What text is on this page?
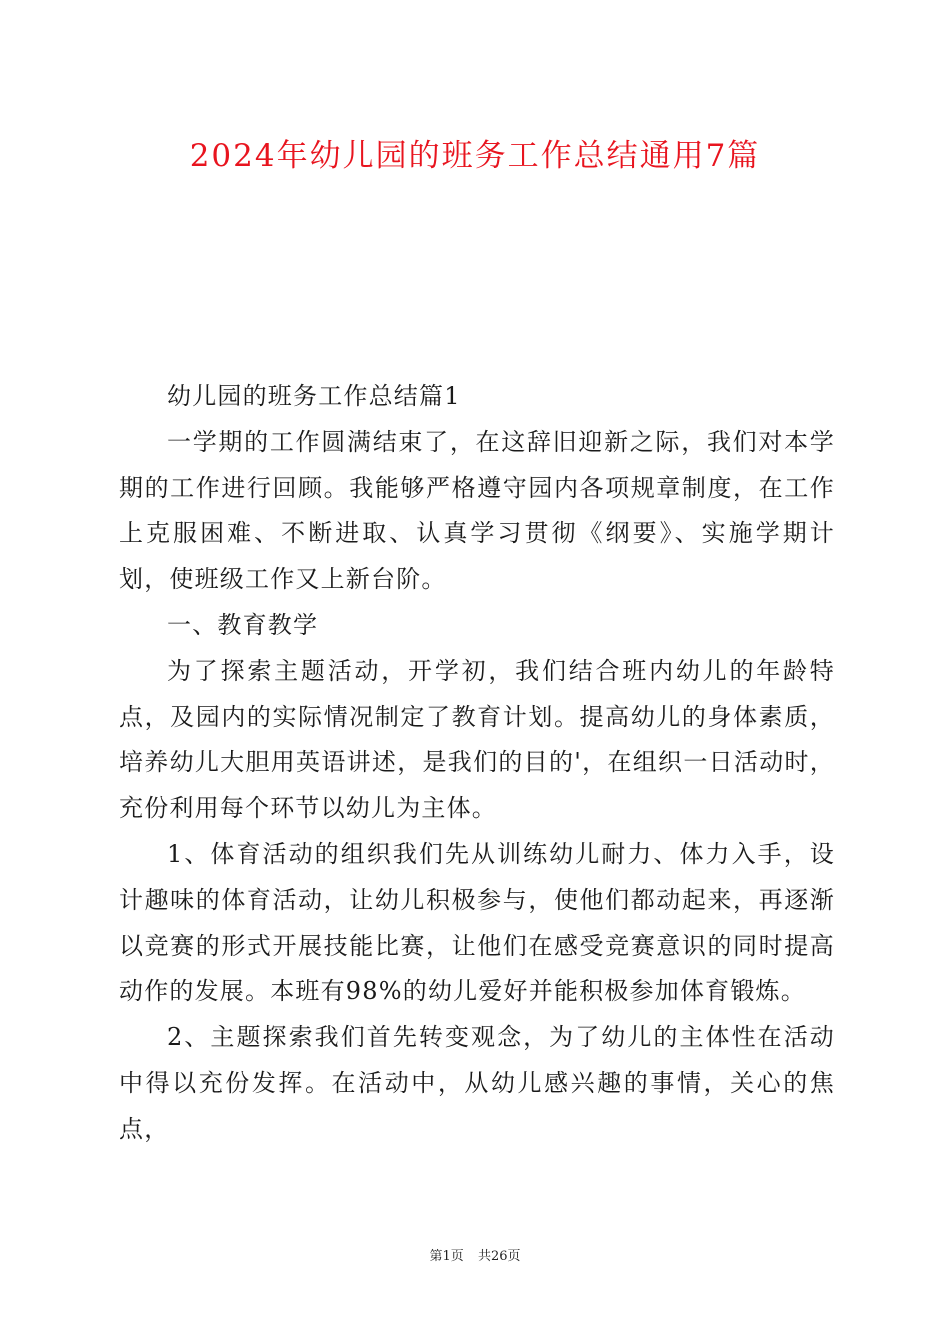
2024年幼儿园的班务工作总结通用7篇

幼儿园的班务工作总结篇1

一学期的工作圆满结束了，在这辞旧迎新之际，我们对本学期的工作进行回顾。我能够严格遵守园内各项规章制度，在工作上克服困难、不断进取、认真学习贯彻《纲要》、实施学期计划，使班级工作又上新台阶。

一、教育教学

为了探索主题活动，开学初，我们结合班内幼儿的年龄特点，及园内的实际情况制定了教育计划。提高幼儿的身体素质，培养幼儿大胆用英语讲述，是我们的目的'，在组织一日活动时，充份利用每个环节以幼儿为主体。

1、体育活动的组织我们先从训练幼儿耐力、体力入手，设计趣味的体育活动，让幼儿积极参与，使他们都动起来，再逐渐以竞赛的形式开展技能比赛，让他们在感受竞赛意识的同时提高动作的发展。本班有98%的幼儿爱好并能积极参加体育锻炼。

2、主题探索我们首先转变观念，为了幼儿的主体性在活动中得以充份发挥。在活动中，从幼儿感兴趣的事情，关心的焦点，

第1页 共26页
